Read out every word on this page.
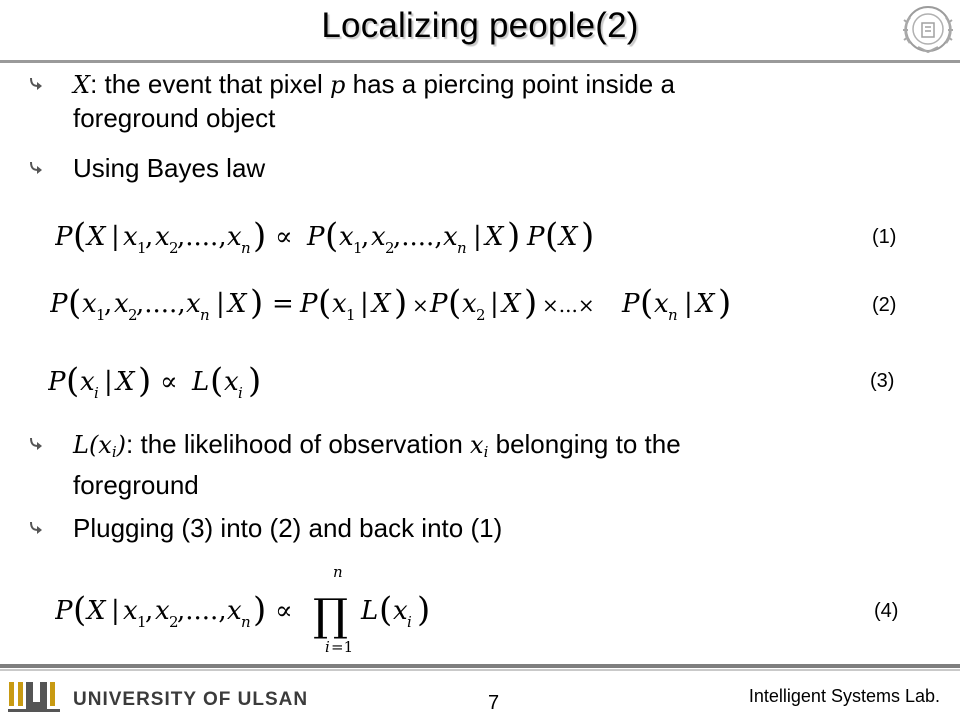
Localizing people(2)
X: the event that pixel p has a piercing point inside a
foreground object
Using Bayes law
P ( X | x 1
, x 2
,...., x n ) ∝ P ( x 1
, x 2
,...., x n | X ) P ( X )	(1)
P ( x 1
, x 2
,...., x n | X ) = P ( x 1 | X ) × P ( x 2 | X ) ×...× P ( x n | X )	(2)
P ( x i | X ) ∝ L ( x i )	(3)
$L(x_i)$: the likelihood of observation $x_i$ belonging to the
foreground
Plugging (3) into (2) and back into (1)
P ( X | x 1
, x 2
,...., x n ) ∝
n
∏
i =1
L ( x i )	(4)
UNIVERSITY OF ULSAN	7	Intelligent Systems Lab.
